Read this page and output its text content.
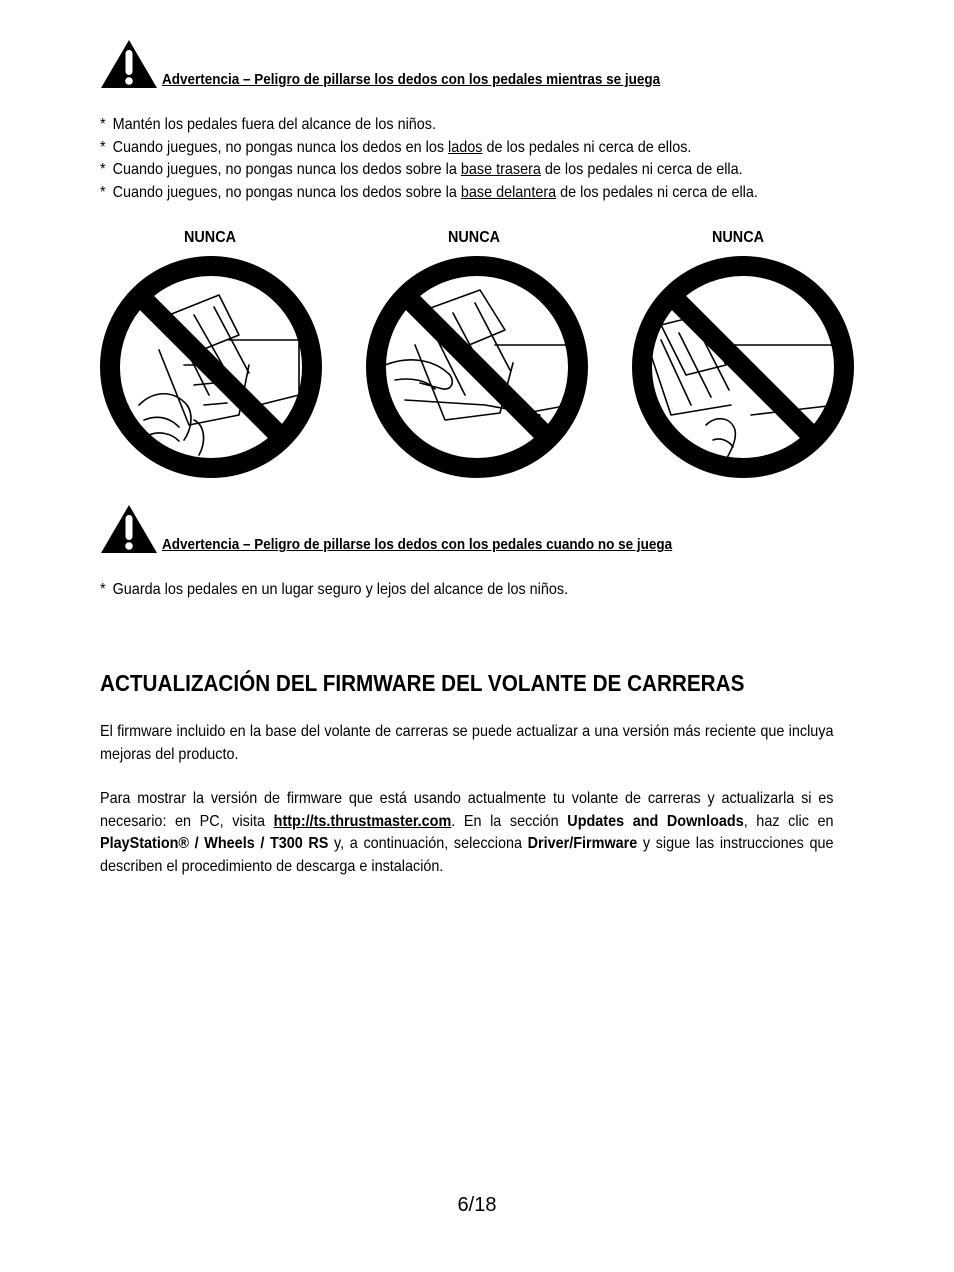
Advertencia – Peligro de pillarse los dedos con los pedales mientras se juega
* Mantén los pedales fuera del alcance de los niños.
* Cuando juegues, no pongas nunca los dedos en los lados de los pedales ni cerca de ellos.
* Cuando juegues, no pongas nunca los dedos sobre la base trasera de los pedales ni cerca de ella.
* Cuando juegues, no pongas nunca los dedos sobre la base delantera de los pedales ni cerca de ella.
NUNCA	NUNCA	NUNCA
Advertencia – Peligro de pillarse los dedos con los pedales cuando no se juega
* Guarda los pedales en un lugar seguro y lejos del alcance de los niños.
ACTUALIZACIÓN DEL FIRMWARE DEL VOLANTE DE CARRERAS

El firmware incluido en la base del volante de carreras se puede actualizar a una versión más reciente que incluya mejoras del producto.

Para mostrar la versión de firmware que está usando actualmente tu volante de carreras y actualizarla si es necesario: en PC, visita http://ts.thrustmaster.com. En la sección Updates and Downloads, haz clic en PlayStation® / Wheels / T300 RS y, a continuación, selecciona Driver/Firmware y sigue las instrucciones que describen el procedimiento de descarga e instalación.

6/18
